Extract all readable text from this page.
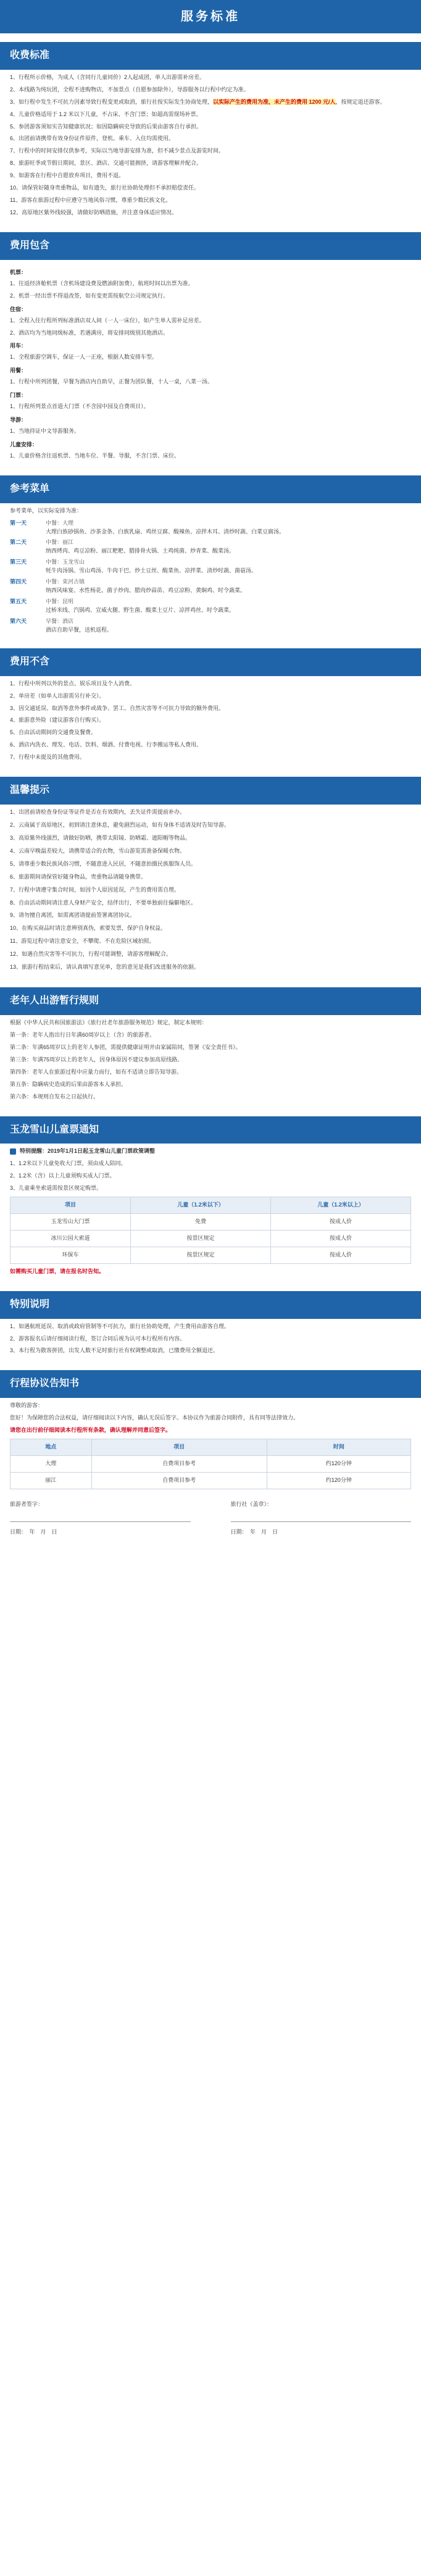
服务标准
收费标准

1、行程所示价格，为成人（含同行儿童同价）2人起成团，单人出游需补房差。

2、本线路为纯玩团，全程不进购物店，不加景点（自愿参加除外），导游服务以行程中约定为准。

3、如行程中发生不可抗力因素导致行程变更或取消，旅行社按实际发生协商处理，以实际产生的费用为准，未产生的费用 1200 元/人，按规定退还游客。

4、儿童价格适用于 1.2 米以下儿童，不占床、不含门票；如超高需现场补票。

5、参团游客须如实告知健康状况；如因隐瞒病史导致的后果由游客自行承担。

6、出团前请携带有效身份证件原件，登机、乘车、入住均需使用。

7、行程中的时间安排仅供参考，实际以当地导游安排为准，但不减少景点及游览时间。

8、旅游旺季或节假日期间，景区、酒店、交通可能拥挤，请游客理解并配合。

9、如游客在行程中自愿放弃项目，费用不退。

10、请保管好随身贵重物品，如有遗失，旅行社协助处理但不承担赔偿责任。

11、游客在旅游过程中应遵守当地风俗习惯，尊重少数民族文化。

12、高原地区紫外线较强，请做好防晒措施，并注意身体适应情况。

费用包含
机票：

1、往返经济舱机票（含机场建设费及燃油附加费），航班时间以出票为准。

2、机票一经出票不得退改签，如有变更需按航空公司规定执行。

住宿：

1、全程入住行程所列标准酒店双人间（一人一床位），如产生单人需补足房差。

2、酒店均为当地同级标准，若遇满房，将安排同级别其他酒店。

用车：

1、全程旅游空调车，保证一人一正座，根据人数安排车型。

用餐：

1、行程中所列团餐，早餐为酒店内自助早，正餐为团队餐，十人一桌，八菜一汤。

门票：

1、行程所列景点首道大门票（不含园中园及自费项目）。

导游：

1、当地持证中文导游服务。

儿童安排：

1、儿童价格含往返机票、当地车位、半餐、导服，不含门票、床位。

参考菜单

参考菜单，以实际安排为准：

第一天	中餐：大理
大理白族砂锅鱼、沙茶金条、白族乳扇、鸡丝豆腐、酸辣鱼、凉拌木耳、清炒时蔬、白菜豆腐汤。
第二天	中餐：丽江
纳西烤肉、鸡豆凉粉、丽江粑粑、腊排骨火锅、土鸡炖菌、炒青菜、酸菜汤。
第三天	中餐：玉龙雪山
牦牛肉汤锅、雪山鸡汤、牛肉干巴、炒土豆丝、酸菜鱼、凉拌菜、清炒时蔬、菌菇汤。
第四天	中餐：束河古镇
纳西风味宴、水性杨花、菌子炒肉、腊肉炒蒜苗、鸡豆凉粉、黄焖鸡、时令蔬菜。
第五天	中餐：昆明
过桥米线、汽锅鸡、宣威火腿、野生菌、酸菜土豆片、凉拌鸡丝、时令蔬菜。
第六天	早餐：酒店
酒店自助早餐，送机返程。
费用不含

1、行程中所列以外的景点、娱乐项目及个人消费。

2、单房差（如单人出游需另行补交）。

3、因交通延误、取消等意外事件或战争、罢工、自然灾害等不可抗力导致的额外费用。

4、旅游意外险（建议游客自行购买）。

5、自由活动期间的交通费及餐费。

6、酒店内洗衣、理发、电话、饮料、烟酒、付费电视、行李搬运等私人费用。

7、行程中未提及的其他费用。

温馨提示

1、出团前请检查身份证等证件是否在有效期内，丢失证件需提前补办。

2、云南属于高原地区，初到请注意休息，避免剧烈运动，如有身体不适请及时告知导游。

3、高原紫外线强烈，请做好防晒，携带太阳镜、防晒霜、遮阳帽等物品。

4、云南早晚温差较大，请携带适合的衣物，雪山游览需准备保暖衣物。

5、请尊重少数民族风俗习惯，不随意进入民居，不随意拍摄民族服饰人员。

6、旅游期间请保管好随身物品，贵重物品请随身携带。

7、行程中请遵守集合时间，如因个人原因延误，产生的费用需自理。

8、自由活动期间请注意人身财产安全，结伴出行，不要单独前往偏僻地区。

9、请勿擅自离团，如需离团请提前签署离团协议。

10、在购买商品时请注意辨别真伪，索要发票，保护自身权益。

11、游览过程中请注意安全，不攀爬、不在危险区域拍照。

12、如遇自然灾害等不可抗力，行程可能调整，请游客理解配合。

13、旅游行程结束后，请认真填写意见单，您的意见是我们改进服务的依据。

老年人出游暂行规则

根据《中华人民共和国旅游法》《旅行社老年旅游服务规范》规定，制定本规则：

第一条：老年人指出行日年满60周岁以上（含）的旅游者。

第二条：年满65周岁以上的老年人参团，需提供健康证明并由家属陪同，签署《安全责任书》。

第三条：年满75周岁以上的老年人，因身体原因不建议参加高原线路。

第四条：老年人在旅游过程中应量力而行，如有不适请立即告知导游。

第五条：隐瞒病史造成的后果由游客本人承担。

第六条：本规则自发布之日起执行。

玉龙雪山儿童票通知

特别提醒：2019年1月1日起玉龙雪山儿童门票政策调整

1、1.2米以下儿童免收大门票，须由成人陪同。

2、1.2米（含）以上儿童须购买成人门票。

3、儿童乘坐索道需按景区规定购票。

项目	儿童（1.2米以下）	儿童（1.2米以上）
玉龙雪山大门票	免费	按成人价
冰川公园大索道	按景区规定	按成人价
环保车	按景区规定	按成人价

如需购买儿童门票，请在报名时告知。

特别说明

1、如遇航班延误、取消或政府管制等不可抗力，旅行社协助处理，产生费用由游客自理。

2、游客报名后请仔细阅读行程，签订合同后视为认可本行程所有内容。

3、本行程为散客拼团，出发人数不足时旅行社有权调整或取消，已缴费用全额退还。

行程协议告知书

尊敬的游客：

您好！为保障您的合法权益，请仔细阅读以下内容，确认无误后签字。本协议作为旅游合同附件，具有同等法律效力。

请您在出行前仔细阅读本行程所有条款，确认理解并同意后签字。

地点	项目	时间
大理	自费项目参考	约120分钟
丽江	自费项目参考	约120分钟
旅游者签字：
日期：　年　月　日
旅行社（盖章）：
日期：　年　月　日
